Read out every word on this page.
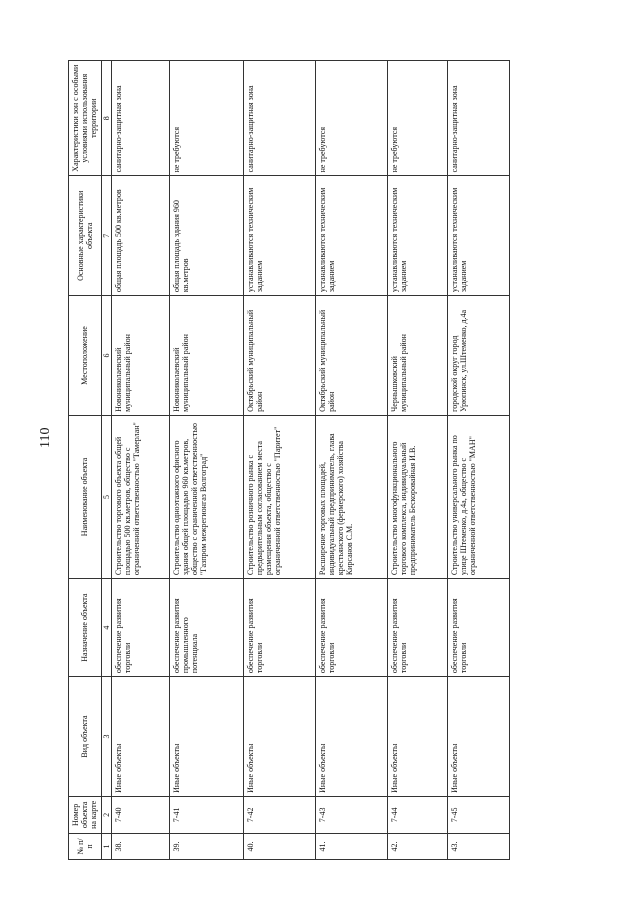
110
№ п/п	Номер объекта на карте	Вид объекта	Назначение объекта	Наименование объекта	Местоположение	Основные характеристики объекта	Характеристики зон с особыми условиями использования территории
1	2	3	4	5	6	7	8
38.	7-40	Иные объекты	обеспечение развития торговли	Строительство торгового объекта общей площадью 500 кв.метров, общество с ограниченной ответственностью "Тамерлан"	Новониколаевский муниципальный район	общая площадь 500 кв.метров	санитарно-защитная зона
39.	7-41	Иные объекты	обеспечение развития промышленного потенциала	Строительство одноэтажного офисного здания общей площадью 960 кв.метров, общество с ограниченной ответственностью "Газпром межрегионгаз Волгоград"	Новониколаевский муниципальный район	общая площадь здания 960 кв.метров	не требуются
40.	7-42	Иные объекты	обеспечение развития торговли	Строительство розничного рынка с предварительным согласованием места размещения объекта, общество с ограниченной ответственностью "Паритет"	Октябрьский муниципальный район	устанавливаются техническим заданием	санитарно-защитная зона
41.	7-43	Иные объекты	обеспечение развития торговли	Расширение торговых площадей, индивидуальный предприниматель, глава крестьянского (фермерского) хозяйства Кирсанов С.М.	Октябрьский муниципальный район	устанавливаются техническим заданием	не требуются
42.	7-44	Иные объекты	обеспечение развития торговли	Строительство многофункционального торгового комплекса, индивидуальный предприниматель Бескоровайная И.В.	Чернышковский муниципальный район	устанавливаются техническим заданием	не требуются
43.	7-45	Иные объекты	обеспечение развития торговли	Строительство универсального рынка по улице Штеменко, д.4а, общество с ограниченной ответственностью "МАН"	городской округ город Урюпинск, ул.Штеменко, д.4а	устанавливаются техническим заданием	санитарно-защитная зона
